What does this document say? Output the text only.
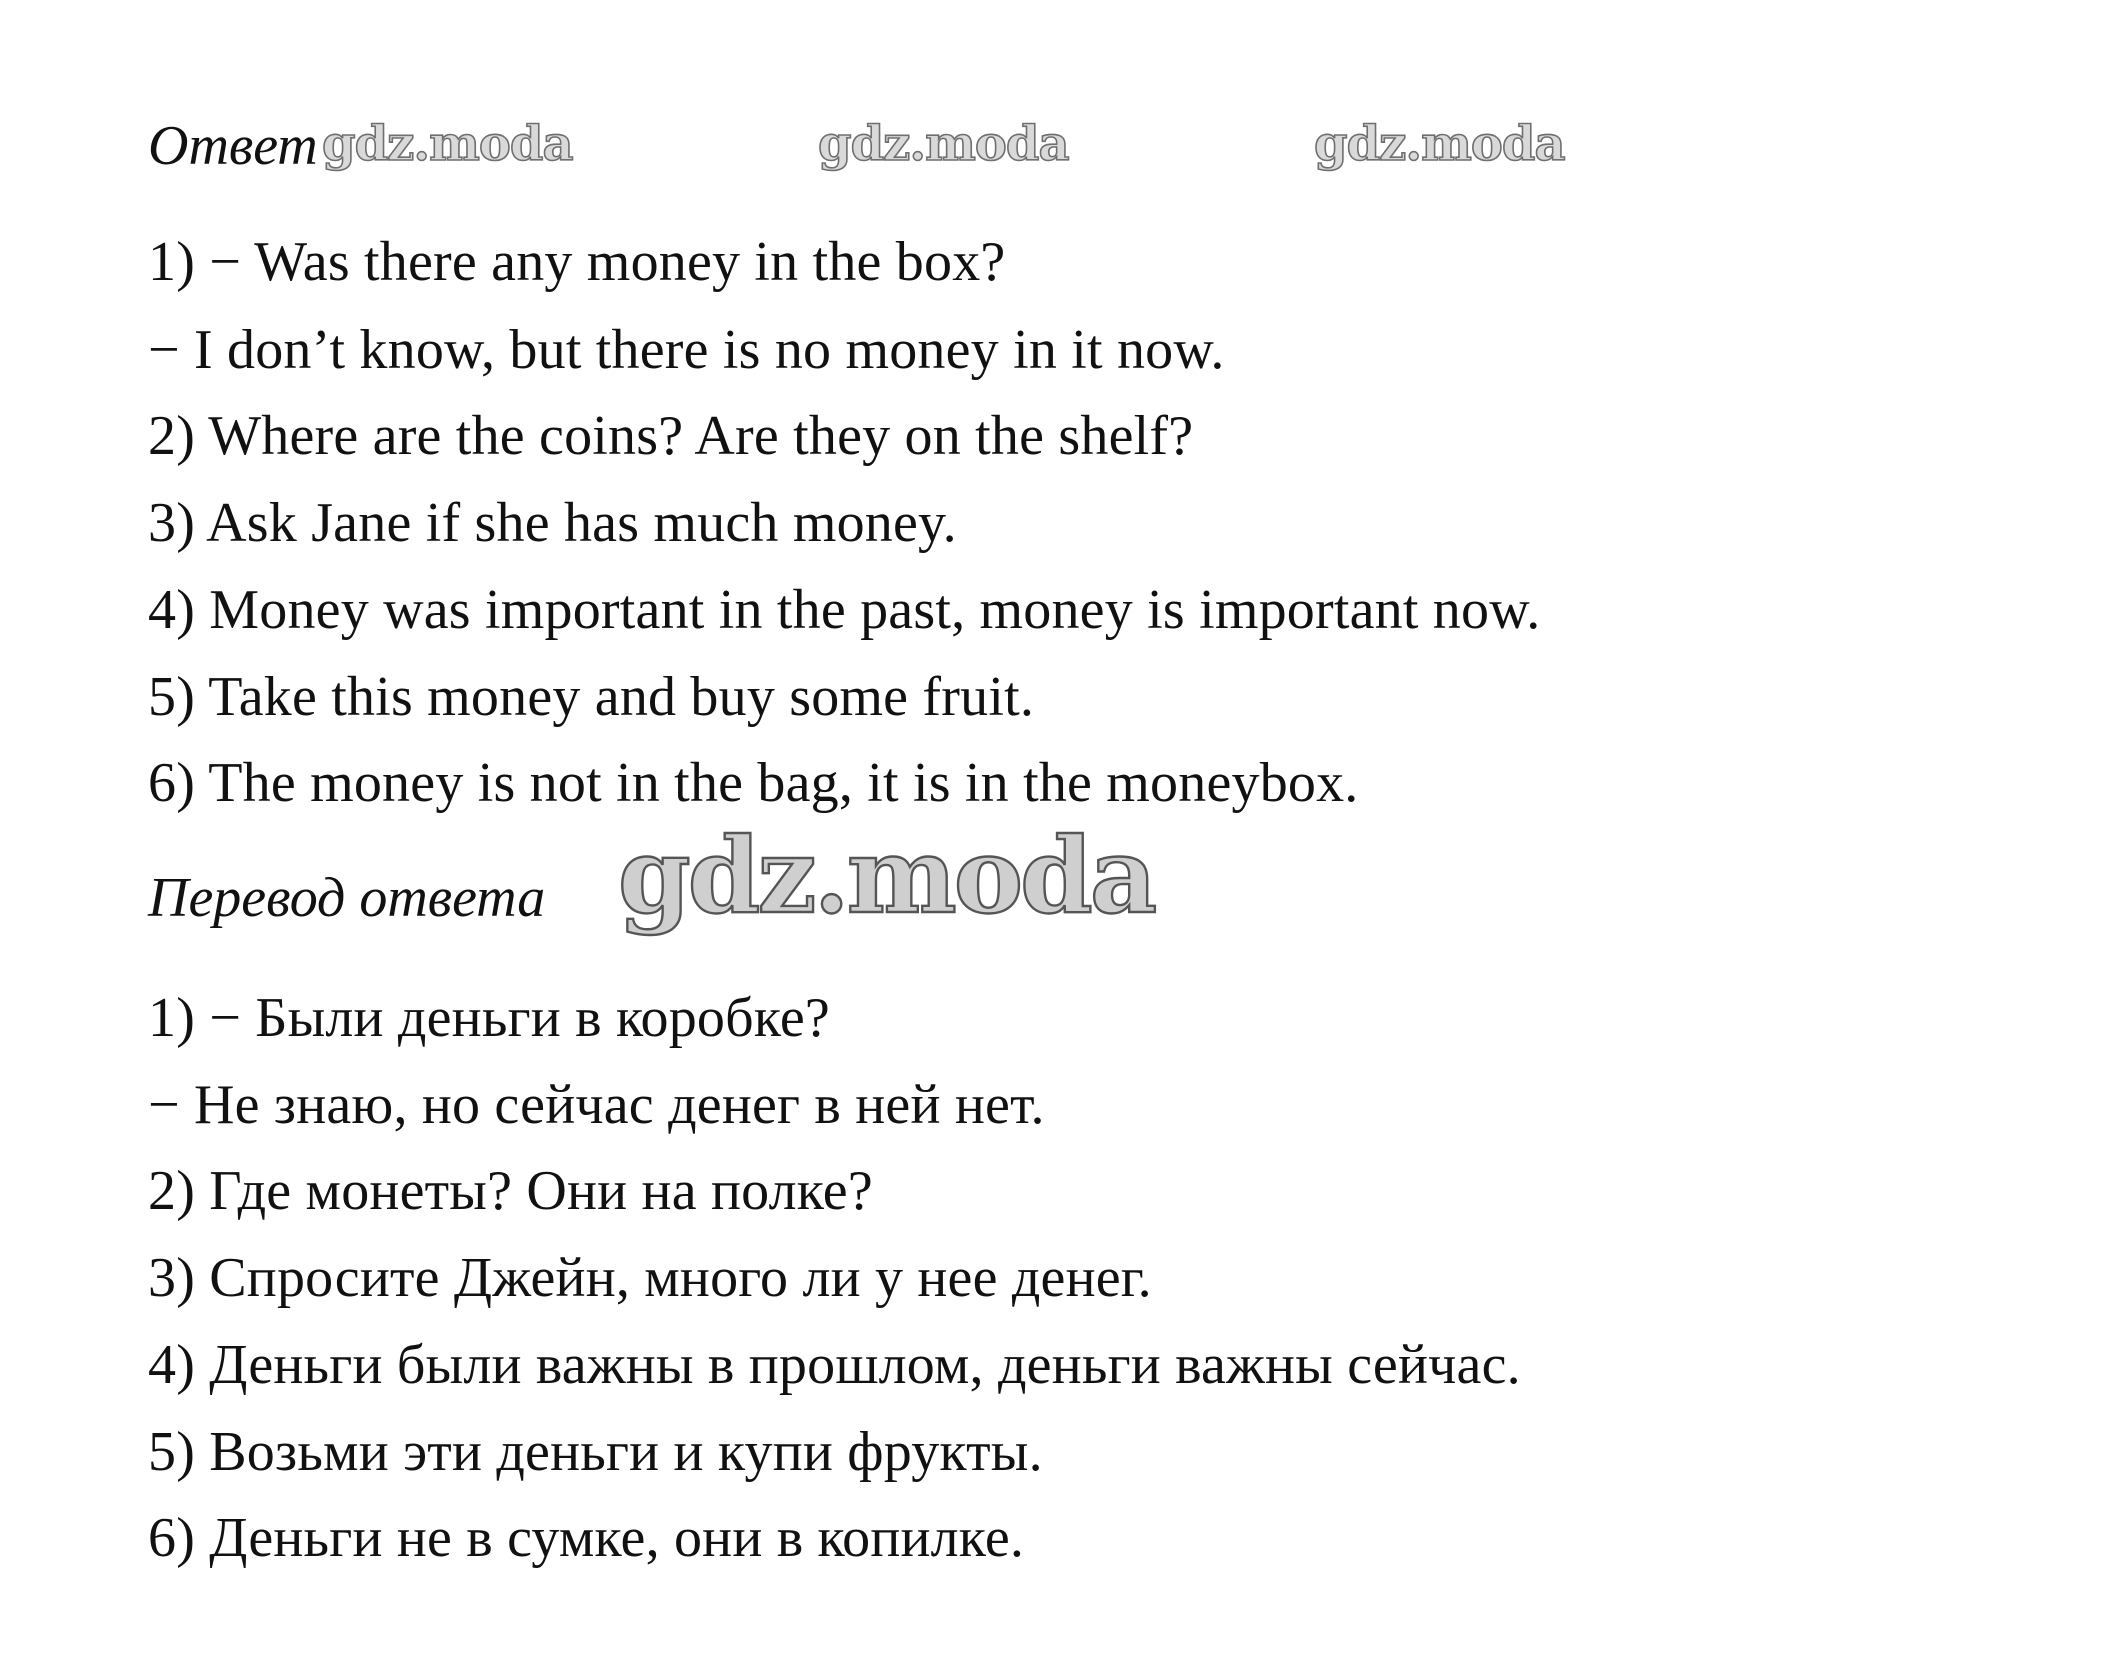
Ответ gdz.moda	gdz.moda	gdz.moda
1) − Was there any money in the box?
− I don’t know, but there is no money in it now.
2) Where are the coins? Are they on the shelf?
3) Ask Jane if she has much money.
4) Money was important in the past, money is important now.
5) Take this money and buy some fruit.
6) The money is not in the bag, it is in the moneybox.
Перевод ответа gdz.moda
1) − Были деньги в коробке?
− Не знаю, но сейчас денег в ней нет.
2) Где монеты? Они на полке?
3) Спросите Джейн, много ли у нее денег.
4) Деньги были важны в прошлом, деньги важны сейчас.
5) Возьми эти деньги и купи фрукты.
6) Деньги не в сумке, они в копилке.
